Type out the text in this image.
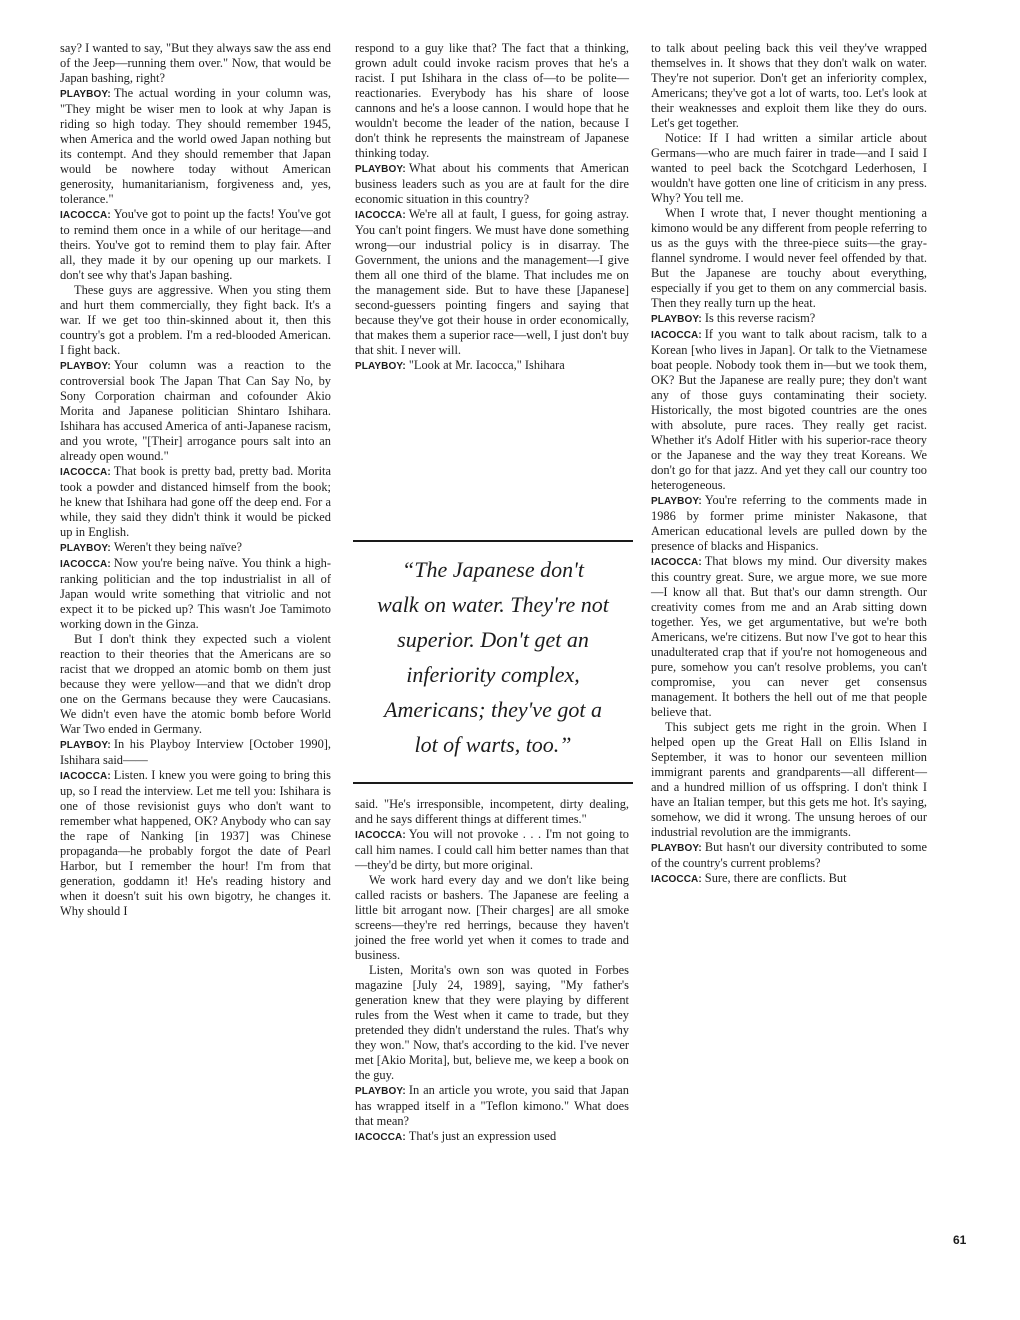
say? I wanted to say, "But they always saw the ass end of the Jeep—running them over." Now, that would be Japan bashing, right?

PLAYBOY: The actual wording in your column was, "They might be wiser men to look at why Japan is riding so high today. They should remember 1945, when America and the world owed Japan nothing but its contempt. And they should remember that Japan would be nowhere today without American generosity, humanitarianism, forgiveness and, yes, tolerance."

IACOCCA: You've got to point up the facts! You've got to remind them once in a while of our heritage—and theirs. You've got to remind them to play fair. After all, they made it by our opening up our markets. I don't see why that's Japan bashing.

These guys are aggressive. When you sting them and hurt them commercially, they fight back. It's a war. If we get too thin-skinned about it, then this country's got a problem. I'm a red-blooded American. I fight back.

PLAYBOY: Your column was a reaction to the controversial book The Japan That Can Say No, by Sony Corporation chairman and cofounder Akio Morita and Japanese politician Shintaro Ishihara. Ishihara has accused America of anti-Japanese racism, and you wrote, "[Their] arrogance pours salt into an already open wound."

IACOCCA: That book is pretty bad, pretty bad. Morita took a powder and distanced himself from the book; he knew that Ishihara had gone off the deep end. For a while, they said they didn't think it would be picked up in English.

PLAYBOY: Weren't they being naïve?

IACOCCA: Now you're being naïve. You think a high-ranking politician and the top industrialist in all of Japan would write something that vitriolic and not expect it to be picked up? This wasn't Joe Tamimoto working down in the Ginza.

But I don't think they expected such a violent reaction to their theories that the Americans are so racist that we dropped an atomic bomb on them just because they were yellow—and that we didn't drop one on the Germans because they were Caucasians. We didn't even have the atomic bomb before World War Two ended in Germany.

PLAYBOY: In his Playboy Interview [October 1990], Ishihara said——

IACOCCA: Listen. I knew you were going to bring this up, so I read the interview. Let me tell you: Ishihara is one of those revisionist guys who don't want to remember what happened, OK? Anybody who can say the rape of Nanking [in 1937] was Chinese propaganda—he probably forgot the date of Pearl Harbor, but I remember the hour! I'm from that generation, goddamn it! He's reading history and when it doesn't suit his own bigotry, he changes it. Why should I

respond to a guy like that? The fact that a thinking, grown adult could invoke racism proves that he's a racist. I put Ishihara in the class of—to be polite—reactionaries. Everybody has his share of loose cannons and he's a loose cannon. I would hope that he wouldn't become the leader of the nation, because I don't think he represents the mainstream of Japanese thinking today.

PLAYBOY: What about his comments that American business leaders such as you are at fault for the dire economic situation in this country?

IACOCCA: We're all at fault, I guess, for going astray. You can't point fingers. We must have done something wrong—our industrial policy is in disarray. The Government, the unions and the management—I give them all one third of the blame. That includes me on the management side. But to have these [Japanese] second-guessers pointing fingers and saying that because they've got their house in order economically, that makes them a superior race—well, I just don't buy that shit. I never will.

PLAYBOY: "Look at Mr. Iacocca," Ishihara

“The Japanese don't
walk on water. They're not
superior. Don't get an
inferiority complex,
Americans; they've got a
lot of warts, too.”

said. "He's irresponsible, incompetent, dirty dealing, and he says different things at different times."

IACOCCA: You will not provoke . . . I'm not going to call him names. I could call him better names than that—they'd be dirty, but more original.

We work hard every day and we don't like being called racists or bashers. The Japanese are feeling a little bit arrogant now. [Their charges] are all smoke screens—they're red herrings, because they haven't joined the free world yet when it comes to trade and business.

Listen, Morita's own son was quoted in Forbes magazine [July 24, 1989], saying, "My father's generation knew that they were playing by different rules from the West when it came to trade, but they pretended they didn't understand the rules. That's why they won." Now, that's according to the kid. I've never met [Akio Morita], but, believe me, we keep a book on the guy.

PLAYBOY: In an article you wrote, you said that Japan has wrapped itself in a "Teflon kimono." What does that mean?

IACOCCA: That's just an expression used

to talk about peeling back this veil they've wrapped themselves in. It shows that they don't walk on water. They're not superior. Don't get an inferiority complex, Americans; they've got a lot of warts, too. Let's look at their weaknesses and exploit them like they do ours. Let's get together.

Notice: If I had written a similar article about Germans—who are much fairer in trade—and I said I wanted to peel back the Scotchgard Lederhosen, I wouldn't have gotten one line of criticism in any press. Why? You tell me.

When I wrote that, I never thought mentioning a kimono would be any different from people referring to us as the guys with the three-piece suits—the gray-flannel syndrome. I would never feel offended by that. But the Japanese are touchy about everything, especially if you get to them on any commercial basis. Then they really turn up the heat.

PLAYBOY: Is this reverse racism?

IACOCCA: If you want to talk about racism, talk to a Korean [who lives in Japan]. Or talk to the Vietnamese boat people. Nobody took them in—but we took them, OK? But the Japanese are really pure; they don't want any of those guys contaminating their society. Historically, the most bigoted countries are the ones with absolute, pure races. They really get racist. Whether it's Adolf Hitler with his superior-race theory or the Japanese and the way they treat Koreans. We don't go for that jazz. And yet they call our country too heterogeneous.

PLAYBOY: You're referring to the comments made in 1986 by former prime minister Nakasone, that American educational levels are pulled down by the presence of blacks and Hispanics.

IACOCCA: That blows my mind. Our diversity makes this country great. Sure, we argue more, we sue more—I know all that. But that's our damn strength. Our creativity comes from me and an Arab sitting down together. Yes, we get argumentative, but we're both Americans, we're citizens. But now I've got to hear this unadulterated crap that if you're not homogeneous and pure, somehow you can't resolve problems, you can't compromise, you can never get consensus management. It bothers the hell out of me that people believe that.

This subject gets me right in the groin. When I helped open up the Great Hall on Ellis Island in September, it was to honor our seventeen million immigrant parents and grandparents—all different—and a hundred million of us offspring. I don't think I have an Italian temper, but this gets me hot. It's saying, somehow, we did it wrong. The unsung heroes of our industrial revolution are the immigrants.

PLAYBOY: But hasn't our diversity contributed to some of the country's current problems?

IACOCCA: Sure, there are conflicts. But

61
